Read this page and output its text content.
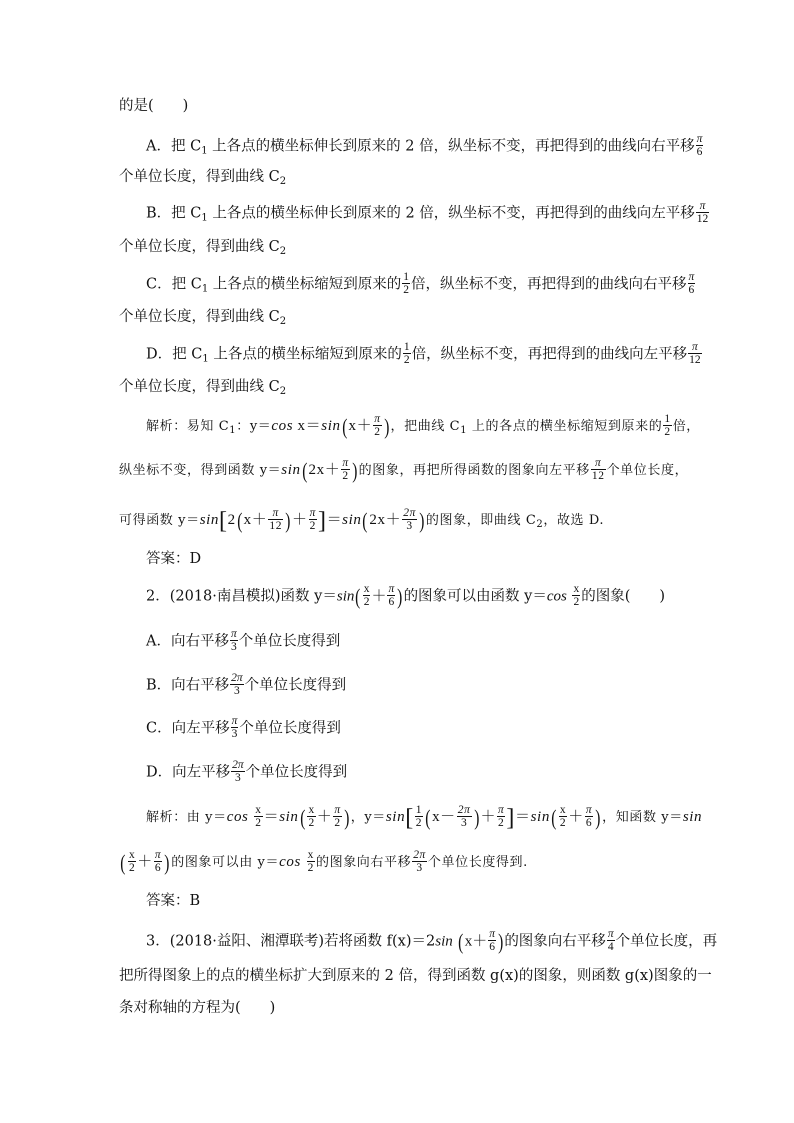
的是(　　)
A．把 $C_1$ 上各点的横坐标伸长到原来的 2 倍，纵坐标不变，再把得到的曲线向右平移 $\frac{\pi}{6}$
个单位长度，得到曲线 $C_2$
B．把 $C_1$ 上各点的横坐标伸长到原来的 2 倍，纵坐标不变，再把得到的曲线向左平移 $\frac{\pi}{12}$
个单位长度，得到曲线 $C_2$
C．把 $C_1$ 上各点的横坐标缩短到原来的 $\frac{1}{2}$ 倍，纵坐标不变，再把得到的曲线向右平移 $\frac{\pi}{6}$
个单位长度，得到曲线 $C_2$
D．把 $C_1$ 上各点的横坐标缩短到原来的 $\frac{1}{2}$ 倍，纵坐标不变，再把得到的曲线向左平移 $\frac{\pi}{12}$
个单位长度，得到曲线 $C_2$
解析：易知 $C_1$：y＝cos $x=\sin(x+ \frac{\pi}{2}$ )，把曲线 $C_1$ 上的各点的横坐标缩短到原来的 $\frac{1}{2}$ 倍，
纵坐标不变，得到函数 $y=\sin(2x+ \frac{\pi}{2}$ )的图象，再把所得函数的图象向左平移 $\frac{\pi}{12}$ 个单位长度，
可得函数 $y=\sin[2(x+ \frac{\pi}{12}$ )＋ $\frac{\pi}{2} ]=\sin(2x+ \frac{2\pi}{3}$ )的图象，即曲线 $C_2$，故选 D.
答案：D
2．(2018·南昌模拟)函数 $y=\sin( \frac{x}{2} + \frac{\pi}{6}$ )的图象可以由函数 $y=\cos \frac{x}{2}$ 的图象(　　)
A．向右平移 $\frac{\pi}{3}$ 个单位长度得到
B．向右平移 $\frac{2\pi}{3}$ 个单位长度得到
C．向左平移 $\frac{\pi}{3}$ 个单位长度得到
D．向左平移 $\frac{2\pi}{3}$ 个单位长度得到
解析：由 $y=\cos \frac{x}{2} =\sin( \frac{x}{2} + \frac{\pi}{2}$ )，$y=\sin[ \frac{1}{2} (x- \frac{2\pi}{3}$ )＋ $\frac{\pi}{2} ]=\sin( \frac{x}{2} + \frac{\pi}{6}$ )，知函数 y＝sin
( $\frac{x}{2} + \frac{\pi}{6}$ )的图象可以由 $y=\cos \frac{x}{2}$ 的图象向右平移 $\frac{2\pi}{3}$ 个单位长度得到.
答案：B
3．(2018·益阳、湘潭联考)若将函数 f(x)＝2sin ($x+ \frac{\pi}{6}$ )的图象向右平移 $\frac{\pi}{4}$ 个单位长度，再
把所得图象上的点的横坐标扩大到原来的 2 倍，得到函数 g(x)的图象，则函数 g(x)图象的一
条对称轴的方程为(　　)
